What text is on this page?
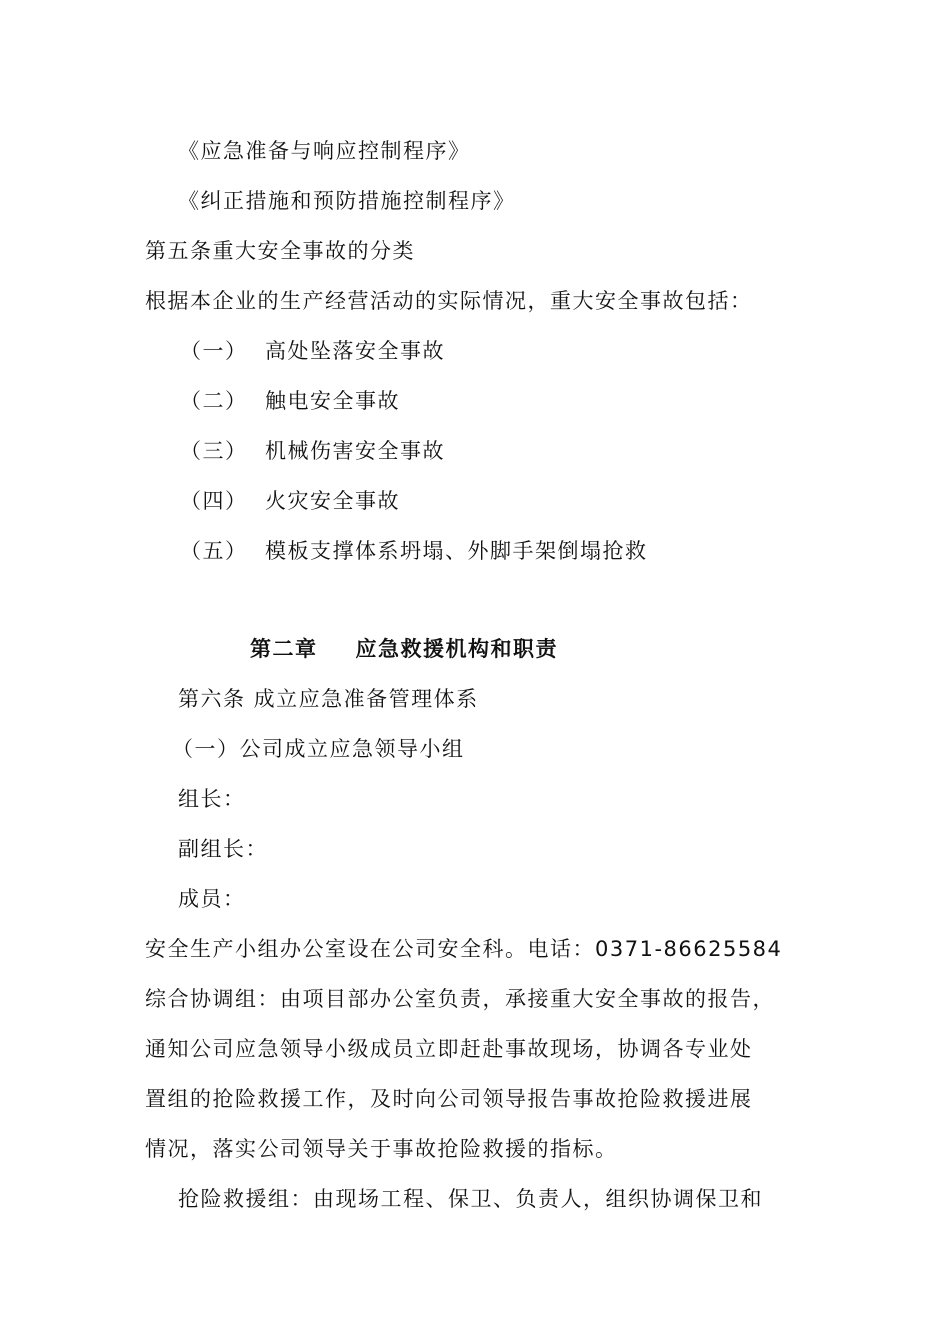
《应急准备与响应控制程序》
《纠正措施和预防措施控制程序》
第五条重大安全事故的分类
根据本企业的生产经营活动的实际情况，重大安全事故包括：
（一） 高处坠落安全事故
（二） 触电安全事故
（三） 机械伤害安全事故
（四） 火灾安全事故
（五） 模板支撑体系坍塌、外脚手架倒塌抢救
第二章 应急救援机构和职责
第六条 成立应急准备管理体系
（一）公司成立应急领导小组
组长：
副组长：
成员：
安全生产小组办公室设在公司安全科。电话：0371-86625584
综合协调组：由项目部办公室负责，承接重大安全事故的报告，
通知公司应急领导小级成员立即赶赴事故现场，协调各专业处
置组的抢险救援工作，及时向公司领导报告事故抢险救援进展
情况，落实公司领导关于事故抢险救援的指标。
抢险救援组：由现场工程、保卫、负责人，组织协调保卫和
